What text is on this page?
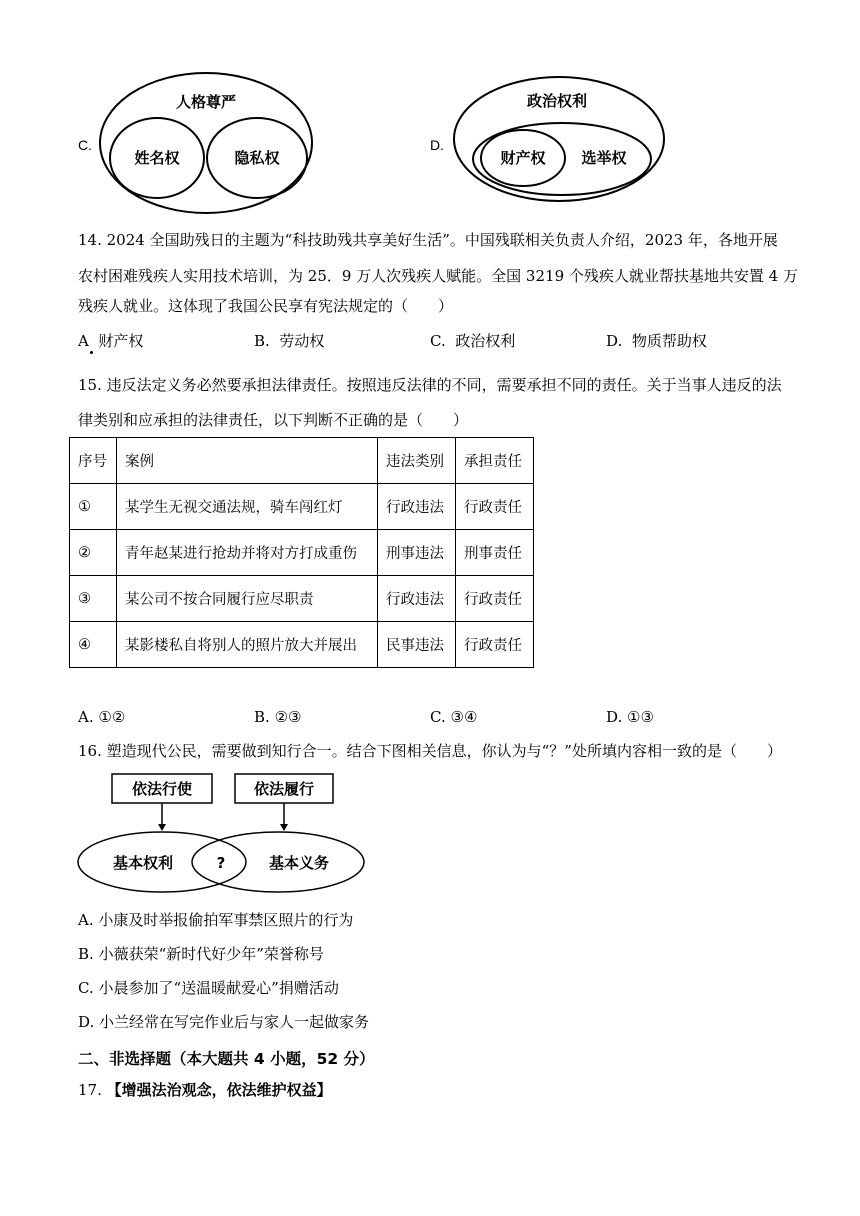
C.
人格尊严
姓名权	隐私权
D.
政治权利
财产权 选举权
14. 2024 全国助残日的主题为“科技助残共享美好生活”。中国残联相关负责人介绍，2023 年，各地开展
农村困难残疾人实用技术培训，为 25．9 万人次残疾人赋能。全国 3219 个残疾人就业帮扶基地共安置 4 万
残疾人就业。这体现了我国公民享有宪法规定的（　　）
A 财产权	B. 劳动权	C. 政治权利	D. 物质帮助权
15. 违反法定义务必然要承担法律责任。按照违反法律的不同，需要承担不同的责任。关于当事人违反的法
律类别和应承担的法律责任，以下判断不正确的是（　　）
序号	案例	违法类别	承担责任
①	某学生无视交通法规，骑车闯红灯	行政违法	行政责任
②	青年赵某进行抢劫并将对方打成重伤	刑事违法	刑事责任
③	某公司不按合同履行应尽职责	行政违法	行政责任
④	某影楼私自将别人的照片放大并展出	民事违法	行政责任
A. ①②	B. ②③	C. ③④	D. ①③
16. 塑造现代公民，需要做到知行合一。结合下图相关信息，你认为与“？”处所填内容相一致的是（　　）
依法行使	依法履行
基本权利	?	基本义务
A. 小康及时举报偷拍军事禁区照片的行为
B. 小薇获荣“新时代好少年”荣誉称号
C. 小晨参加了“送温暖献爱心”捐赠活动
D. 小兰经常在写完作业后与家人一起做家务
二、非选择题（本大题共 4 小题，52 分）
17. 【增强法治观念，依法维护权益】
